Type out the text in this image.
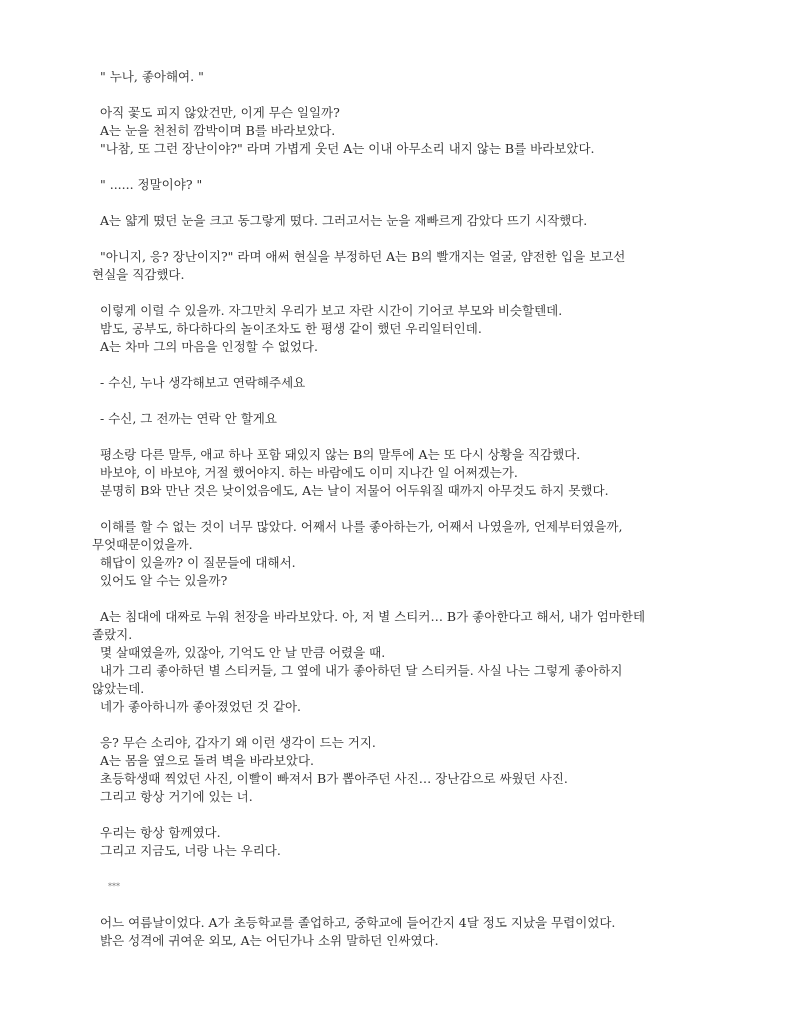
" 누나, 좋아해여. "
아직 꽃도 피지 않았건만, 이게 무슨 일일까?
A는 눈을 천천히 깜박이며 B를 바라보았다.
"나참, 또 그런 장난이야?" 라며 가볍게 웃던 A는 이내 아무소리 내지 않는 B를 바라보았다.
" ...... 정말이야? "
A는 얇게 떴던 눈을 크고 동그랗게 떴다. 그러고서는 눈을 재빠르게 감았다 뜨기 시작했다.
"아니지, 응? 장난이지?" 라며 애써 현실을 부정하던 A는 B의 빨개지는 얼굴, 얌전한 입을 보고선
현실을 직감했다.
이렇게 이럴 수 있을까. 자그만치 우리가 보고 자란 시간이 기어코 부모와 비슷할텐데.
밤도, 공부도, 하다하다의 놀이조차도 한 평생 같이 했던 우리일터인데.
A는 차마 그의 마음을 인정할 수 없었다.
- 수신, 누나 생각해보고 연락해주세요
- 수신, 그 전까는 연락 안 할게요
평소랑 다른 말투, 애교 하나 포함 돼있지 않는 B의 말투에 A는 또 다시 상황을 직감했다.
바보야, 이 바보야, 거절 했어야지. 하는 바람에도 이미 지나간 일 어쩌겠는가.
분명히 B와 만난 것은 낮이었음에도, A는 날이 저물어 어두워질 때까지 아무것도 하지 못했다.
이해를 할 수 없는 것이 너무 많았다. 어째서 나를 좋아하는가, 어째서 나였을까, 언제부터였을까,
무엇때문이었을까.
해답이 있을까? 이 질문들에 대해서.
있어도 알 수는 있을까?
A는 침대에 대짜로 누워 천장을 바라보았다. 아, 저 별 스티커… B가 좋아한다고 해서, 내가 엄마한테
졸랐지.
몇 살때였을까, 있잖아, 기억도 안 날 만큼 어렸을 때.
내가 그리 좋아하던 별 스티커들, 그 옆에 내가 좋아하던 달 스티커들. 사실 나는 그렇게 좋아하지
않았는데.
네가 좋아하니까 좋아졌었던 것 같아.
응? 무슨 소리야, 갑자기 왜 이런 생각이 드는 거지.
A는 몸을 옆으로 돌려 벽을 바라보았다.
초등학생때 찍었던 사진, 이빨이 빠져서 B가 뽑아주던 사진… 장난감으로 싸웠던 사진.
그리고 항상 거기에 있는 너.
우리는 항상 함께였다.
그리고 지금도, 너랑 나는 우리다.
***
어느 여름날이었다. A가 초등학교를 졸업하고, 중학교에 들어간지 4달 정도 지났을 무렵이었다.
밝은 성격에 귀여운 외모, A는 어딘가나 소위 말하던 인싸였다.
